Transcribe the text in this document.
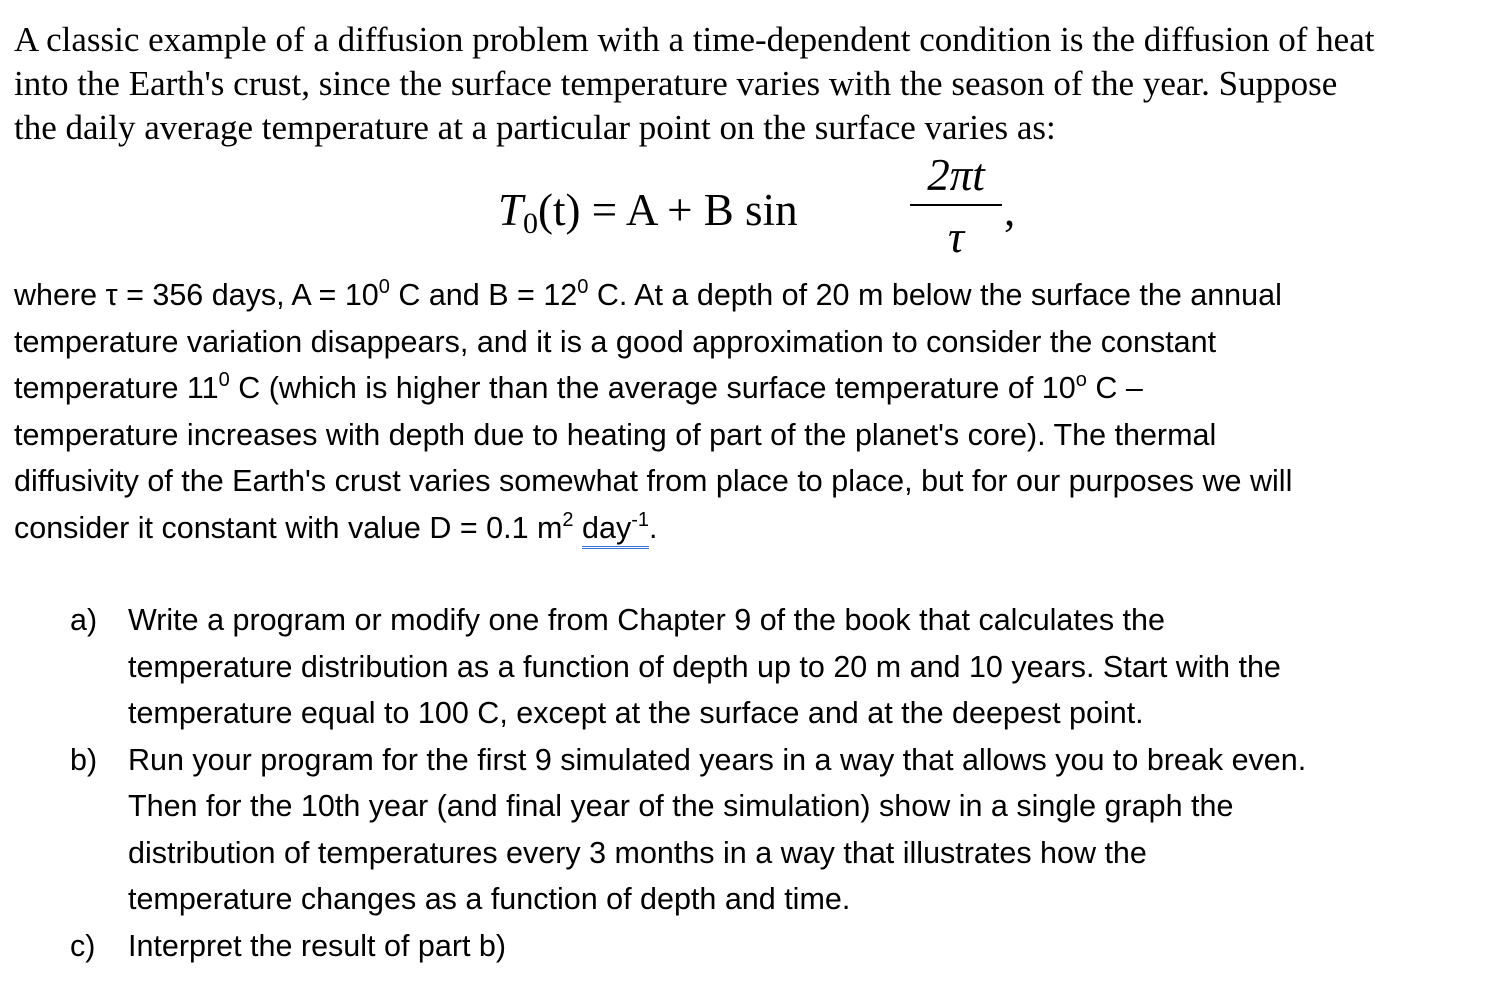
A classic example of a diffusion problem with a time-dependent condition is the diffusion of heat
into the Earth's crust, since the surface temperature varies with the season of the year. Suppose
the daily average temperature at a particular point on the surface varies as:
$T_0(t) = A + B$ sin
2πt
τ
,
where τ = 356 days, $A = 10^0$ C and $B = 12^0$ C. At a depth of 20 m below the surface the annual
temperature variation disappears, and it is a good approximation to consider the constant
temperature $11^0$ C (which is higher than the average surface temperature of 10$^o$ C –
temperature increases with depth due to heating of part of the planet's core). The thermal
diffusivity of the Earth's crust varies somewhat from place to place, but for our purposes we will
consider it constant with value D = 0.1 $m^2$ day$^{-1}$.
a) Write a program or modify one from Chapter 9 of the book that calculates the
temperature distribution as a function of depth up to 20 m and 10 years. Start with the
temperature equal to 100 C, except at the surface and at the deepest point.
b) Run your program for the first 9 simulated years in a way that allows you to break even.
Then for the 10th year (and final year of the simulation) show in a single graph the
distribution of temperatures every 3 months in a way that illustrates how the
temperature changes as a function of depth and time.
c) Interpret the result of part b)
